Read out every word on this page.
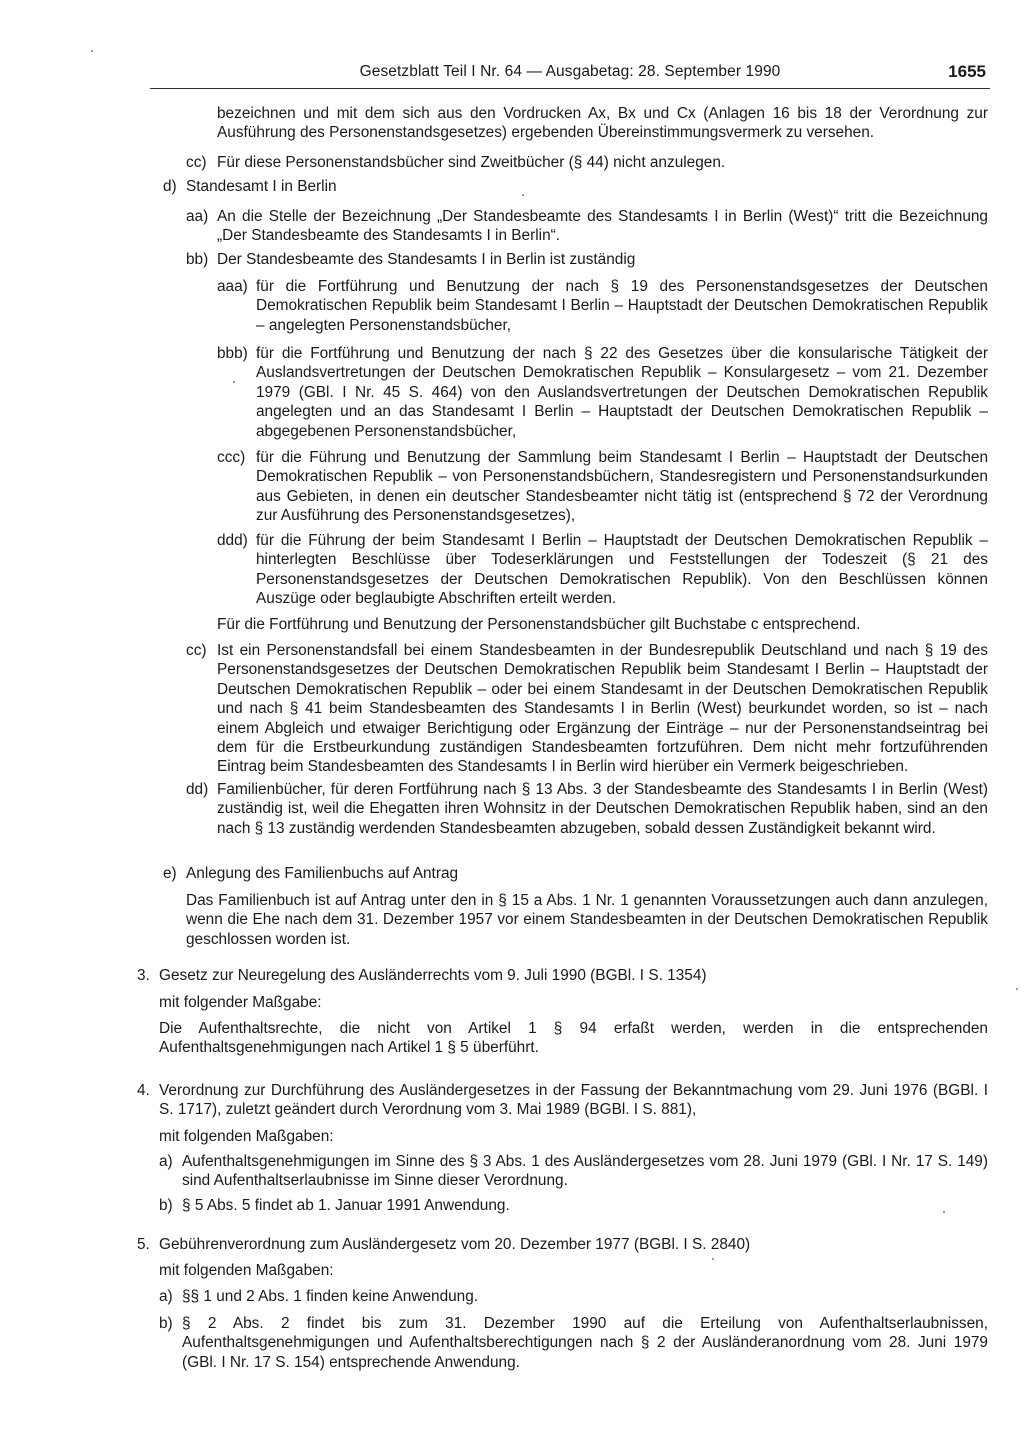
Gesetzblatt Teil I Nr. 64 — Ausgabetag: 28. September 1990	1655
bezeichnen und mit dem sich aus den Vordrucken Ax, Bx und Cx (Anlagen 16 bis 18 der Verordnung zur Ausführung des Personenstandsgesetzes) ergebenden Übereinstimmungsvermerk zu versehen.
cc) Für diese Personenstandsbücher sind Zweitbücher (§ 44) nicht anzulegen.
d) Standesamt I in Berlin
aa) An die Stelle der Bezeichnung „Der Standesbeamte des Standesamts I in Berlin (West)“ tritt die Bezeichnung „Der Standesbeamte des Standesamts I in Berlin“.
bb) Der Standesbeamte des Standesamts I in Berlin ist zuständig
aaa) für die Fortführung und Benutzung der nach § 19 des Personenstandsgesetzes der Deutschen Demokratischen Republik beim Standesamt I Berlin – Hauptstadt der Deutschen Demokratischen Republik – angelegten Personenstandsbücher,
bbb) für die Fortführung und Benutzung der nach § 22 des Gesetzes über die konsularische Tätigkeit der Auslandsvertretungen der Deutschen Demokratischen Republik – Konsulargesetz – vom 21. Dezember 1979 (GBl. I Nr. 45 S. 464) von den Auslandsvertretungen der Deutschen Demokratischen Republik angelegten und an das Standesamt I Berlin – Hauptstadt der Deutschen Demokratischen Republik – abgegebenen Personenstandsbücher,
ccc) für die Führung und Benutzung der Sammlung beim Standesamt I Berlin – Hauptstadt der Deutschen Demokratischen Republik – von Personenstandsbüchern, Standesregistern und Personenstandsurkunden aus Gebieten, in denen ein deutscher Standesbeamter nicht tätig ist (entsprechend § 72 der Verordnung zur Ausführung des Personenstandsgesetzes),
ddd) für die Führung der beim Standesamt I Berlin – Hauptstadt der Deutschen Demokratischen Republik – hinterlegten Beschlüsse über Todeserklärungen und Feststellungen der Todeszeit (§ 21 des Personenstandsgesetzes der Deutschen Demokratischen Republik). Von den Beschlüssen können Auszüge oder beglaubigte Abschriften erteilt werden.
Für die Fortführung und Benutzung der Personenstandsbücher gilt Buchstabe c entsprechend.
cc) Ist ein Personenstandsfall bei einem Standesbeamten in der Bundesrepublik Deutschland und nach § 19 des Personenstandsgesetzes der Deutschen Demokratischen Republik beim Standesamt I Berlin – Hauptstadt der Deutschen Demokratischen Republik – oder bei einem Standesamt in der Deutschen Demokratischen Republik und nach § 41 beim Standesbeamten des Standesamts I in Berlin (West) beurkundet worden, so ist – nach einem Abgleich und etwaiger Berichtigung oder Ergänzung der Einträge – nur der Personenstandseintrag bei dem für die Erstbeurkundung zuständigen Standesbeamten fortzuführen. Dem nicht mehr fortzuführenden Eintrag beim Standesbeamten des Standesamts I in Berlin wird hierüber ein Vermerk beigeschrieben.
dd) Familienbücher, für deren Fortführung nach § 13 Abs. 3 der Standesbeamte des Standesamts I in Berlin (West) zuständig ist, weil die Ehegatten ihren Wohnsitz in der Deutschen Demokratischen Republik haben, sind an den nach § 13 zuständig werdenden Standesbeamten abzugeben, sobald dessen Zuständigkeit bekannt wird.
e) Anlegung des Familienbuchs auf Antrag
Das Familienbuch ist auf Antrag unter den in § 15 a Abs. 1 Nr. 1 genannten Voraussetzungen auch dann anzulegen, wenn die Ehe nach dem 31. Dezember 1957 vor einem Standesbeamten in der Deutschen Demokratischen Republik geschlossen worden ist.
3. Gesetz zur Neuregelung des Ausländerrechts vom 9. Juli 1990 (BGBl. I S. 1354)
mit folgender Maßgabe:
Die Aufenthaltsrechte, die nicht von Artikel 1 § 94 erfaßt werden, werden in die entsprechenden Aufenthaltsgenehmigungen nach Artikel 1 § 5 überführt.
4. Verordnung zur Durchführung des Ausländergesetzes in der Fassung der Bekanntmachung vom 29. Juni 1976 (BGBl. I S. 1717), zuletzt geändert durch Verordnung vom 3. Mai 1989 (BGBl. I S. 881),
mit folgenden Maßgaben:
a) Aufenthaltsgenehmigungen im Sinne des § 3 Abs. 1 des Ausländergesetzes vom 28. Juni 1979 (GBl. I Nr. 17 S. 149) sind Aufenthaltserlaubnisse im Sinne dieser Verordnung.
b) § 5 Abs. 5 findet ab 1. Januar 1991 Anwendung.
5. Gebührenverordnung zum Ausländergesetz vom 20. Dezember 1977 (BGBl. I S. 2840)
mit folgenden Maßgaben:
a) §§ 1 und 2 Abs. 1 finden keine Anwendung.
b) § 2 Abs. 2 findet bis zum 31. Dezember 1990 auf die Erteilung von Aufenthaltserlaubnissen, Aufenthaltsgenehmigungen und Aufenthaltsberechtigungen nach § 2 der Ausländeranordnung vom 28. Juni 1979 (GBl. I Nr. 17 S. 154) entsprechende Anwendung.
